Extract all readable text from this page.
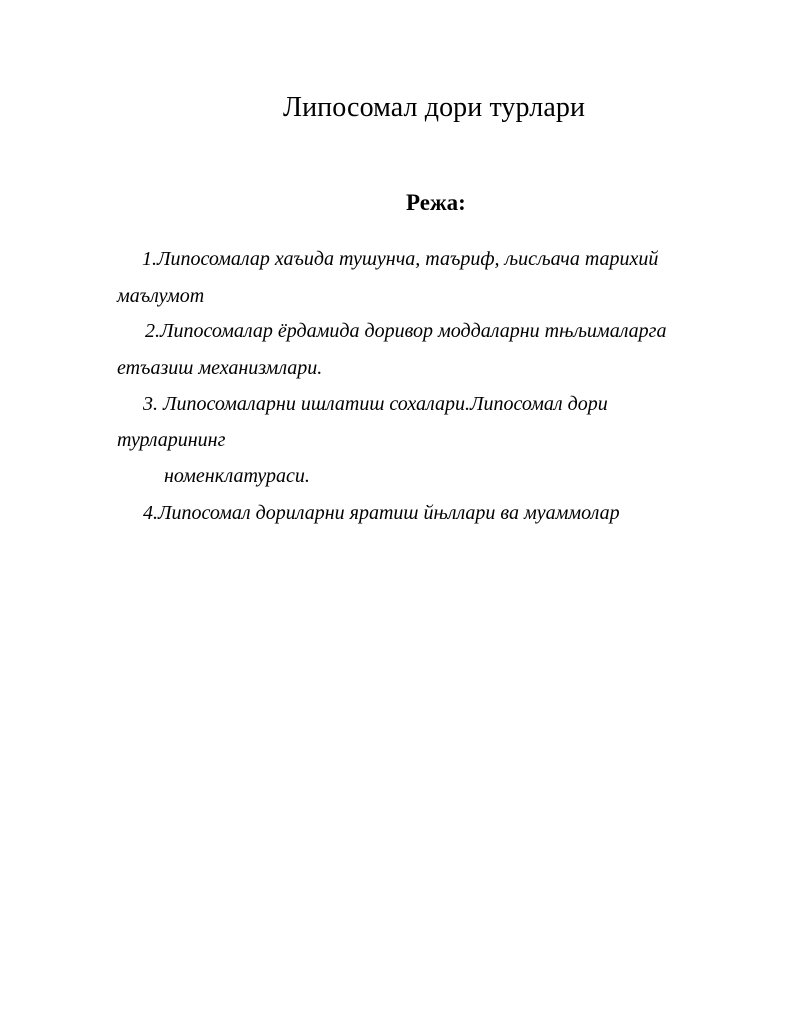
Липосомал дори турлари
Режа:
1.Липосомалар хаъида тушунча, таъриф, љисљача тарихий
маълумот
2.Липосомалар ёрдамида доривор моддаларни тњљималарга
етъазиш механизмлари.
3. Липосомаларни ишлатиш сохалари.Липосомал дори
турларининг
номенклатураси.
4.Липосомал дориларни яратиш йњллари ва муаммолар
